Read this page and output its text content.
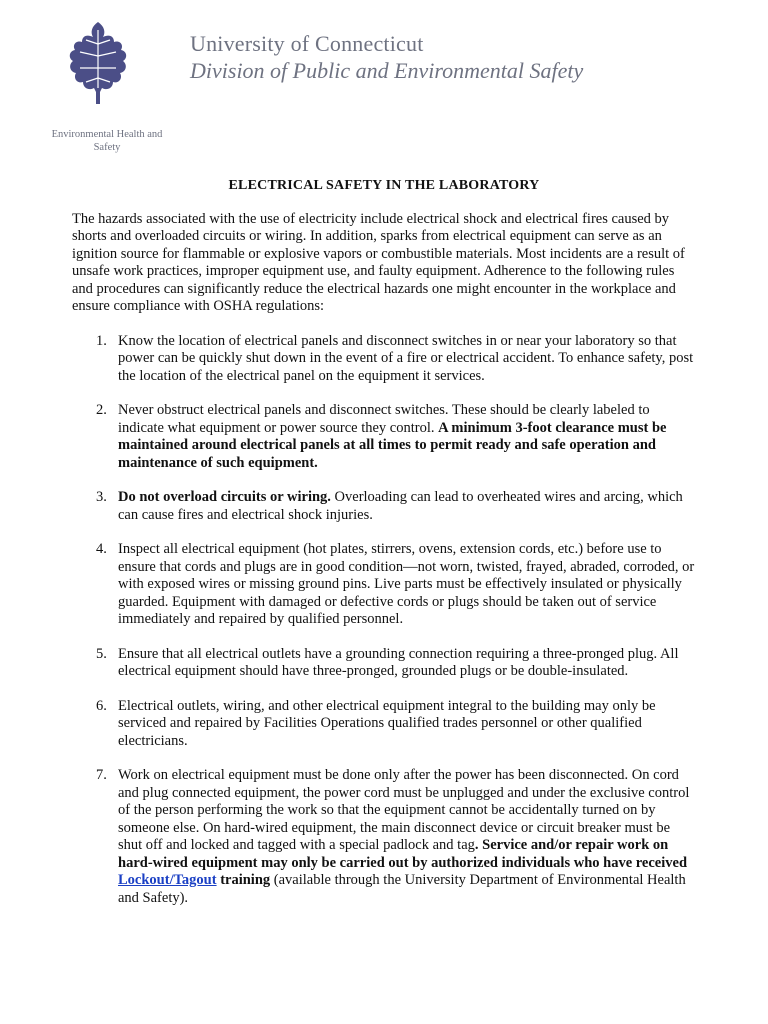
University of Connecticut
Division of Public and Environmental Safety
Environmental Health and Safety
ELECTRICAL SAFETY IN THE LABORATORY

The hazards associated with the use of electricity include electrical shock and electrical fires caused by shorts and overloaded circuits or wiring. In addition, sparks from electrical equipment can serve as an ignition source for flammable or explosive vapors or combustible materials. Most incidents are a result of unsafe work practices, improper equipment use, and faulty equipment. Adherence to the following rules and procedures can significantly reduce the electrical hazards one might encounter in the workplace and ensure compliance with OSHA regulations:

1. Know the location of electrical panels and disconnect switches in or near your laboratory so that power can be quickly shut down in the event of a fire or electrical accident. To enhance safety, post the location of the electrical panel on the equipment it services.
2. Never obstruct electrical panels and disconnect switches. These should be clearly labeled to indicate what equipment or power source they control. A minimum 3-foot clearance must be maintained around electrical panels at all times to permit ready and safe operation and maintenance of such equipment.
3. Do not overload circuits or wiring. Overloading can lead to overheated wires and arcing, which can cause fires and electrical shock injuries.
4. Inspect all electrical equipment (hot plates, stirrers, ovens, extension cords, etc.) before use to ensure that cords and plugs are in good condition—not worn, twisted, frayed, abraded, corroded, or with exposed wires or missing ground pins. Live parts must be effectively insulated or physically guarded. Equipment with damaged or defective cords or plugs should be taken out of service immediately and repaired by qualified personnel.
5. Ensure that all electrical outlets have a grounding connection requiring a three-pronged plug. All electrical equipment should have three-pronged, grounded plugs or be double-insulated.
6. Electrical outlets, wiring, and other electrical equipment integral to the building may only be serviced and repaired by Facilities Operations qualified trades personnel or other qualified electricians.
7. Work on electrical equipment must be done only after the power has been disconnected. On cord and plug connected equipment, the power cord must be unplugged and under the exclusive control of the person performing the work so that the equipment cannot be accidentally turned on by someone else. On hard-wired equipment, the main disconnect device or circuit breaker must be shut off and locked and tagged with a special padlock and tag. Service and/or repair work on hard-wired equipment may only be carried out by authorized individuals who have received Lockout/Tagout training (available through the University Department of Environmental Health and Safety).
